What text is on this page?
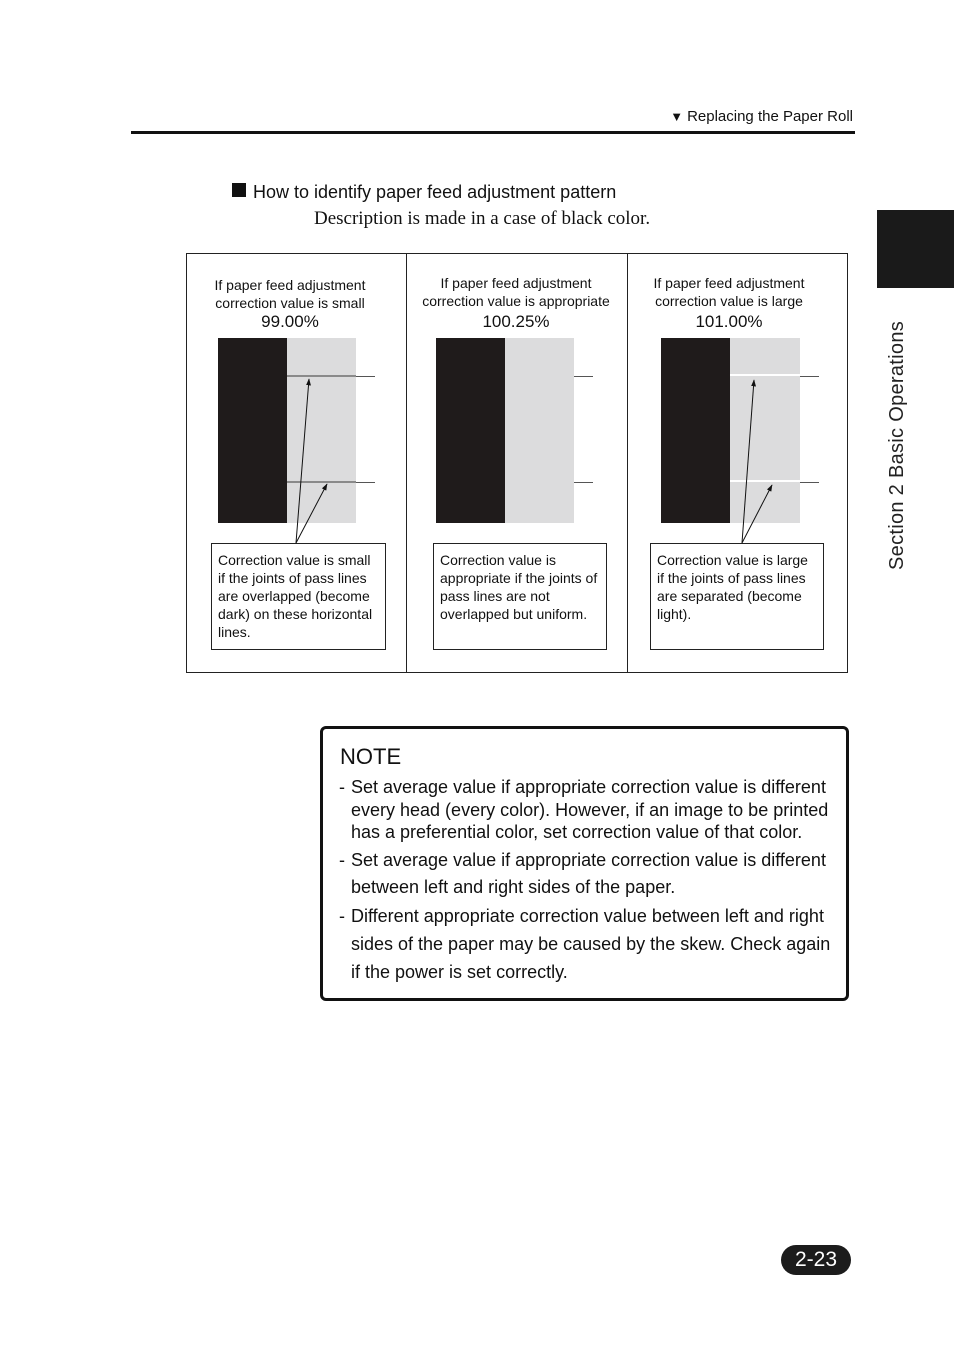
▼ Replacing the Paper Roll
Section 2 Basic Operations
How to identify paper feed adjustment pattern
Description is made in a case of black color.
If paper feed adjustment
correction value is small
99.00%
Correction value is small if the joints of pass lines are overlapped (become dark) on these horizontal lines.
If paper feed adjustment
correction value is appropriate
100.25%
Correction value is appropriate if the joints of pass lines are not overlapped but uniform.
If paper feed adjustment
correction value is large
101.00%
Correction value is large if the joints of pass lines are separated (become light).
NOTE
- Set average value if appropriate correction value is different
every head (every color). However, if an image to be printed
has a preferential color, set correction value of that color.
- Set average value if appropriate correction value is different
between left and right sides of the paper.
- Different appropriate correction value between left and right
sides of the paper may be caused by the skew. Check again
if the power is set correctly.
2-23
